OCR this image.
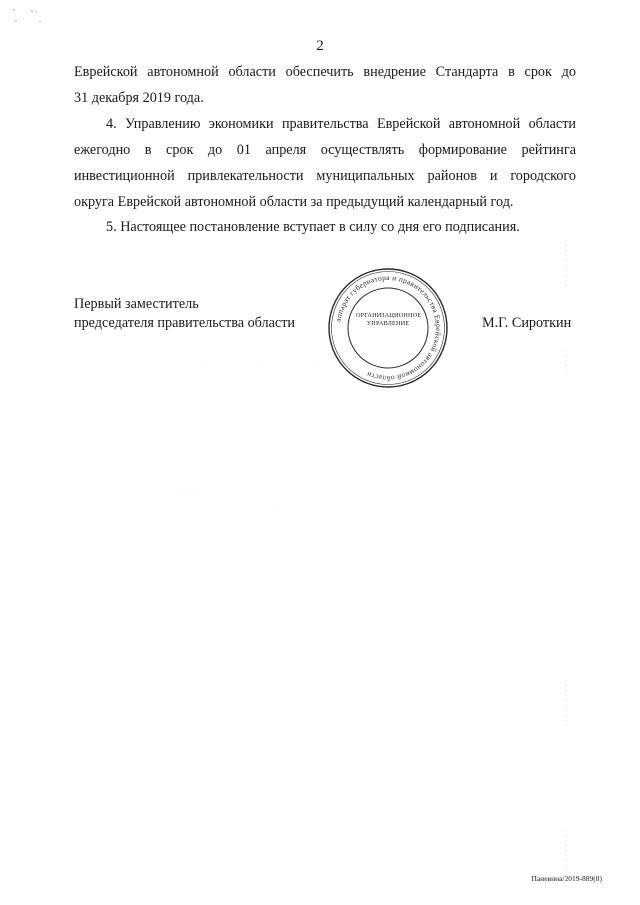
2
Еврейской автономной области обеспечить внедрение Стандарта в срок до
31 декабря 2019 года.
4. Управлению экономики правительства Еврейской автономной области
ежегодно в срок до 01 апреля осуществлять формирование рейтинга
инвестиционной привлекательности муниципальных районов и городского
округа Еврейской автономной области за предыдущий календарный год.
5. Настоящее постановление вступает в силу со дня его подписания.
Первый заместитель
председателя правительства области	аппарат губернатора и правительства Еврейской автономной области
ОРГАНИЗАЦИОННОЕ
УПРАВЛЕНИЕ	М.Г. Сироткин
Паневина/2019-889(8)
